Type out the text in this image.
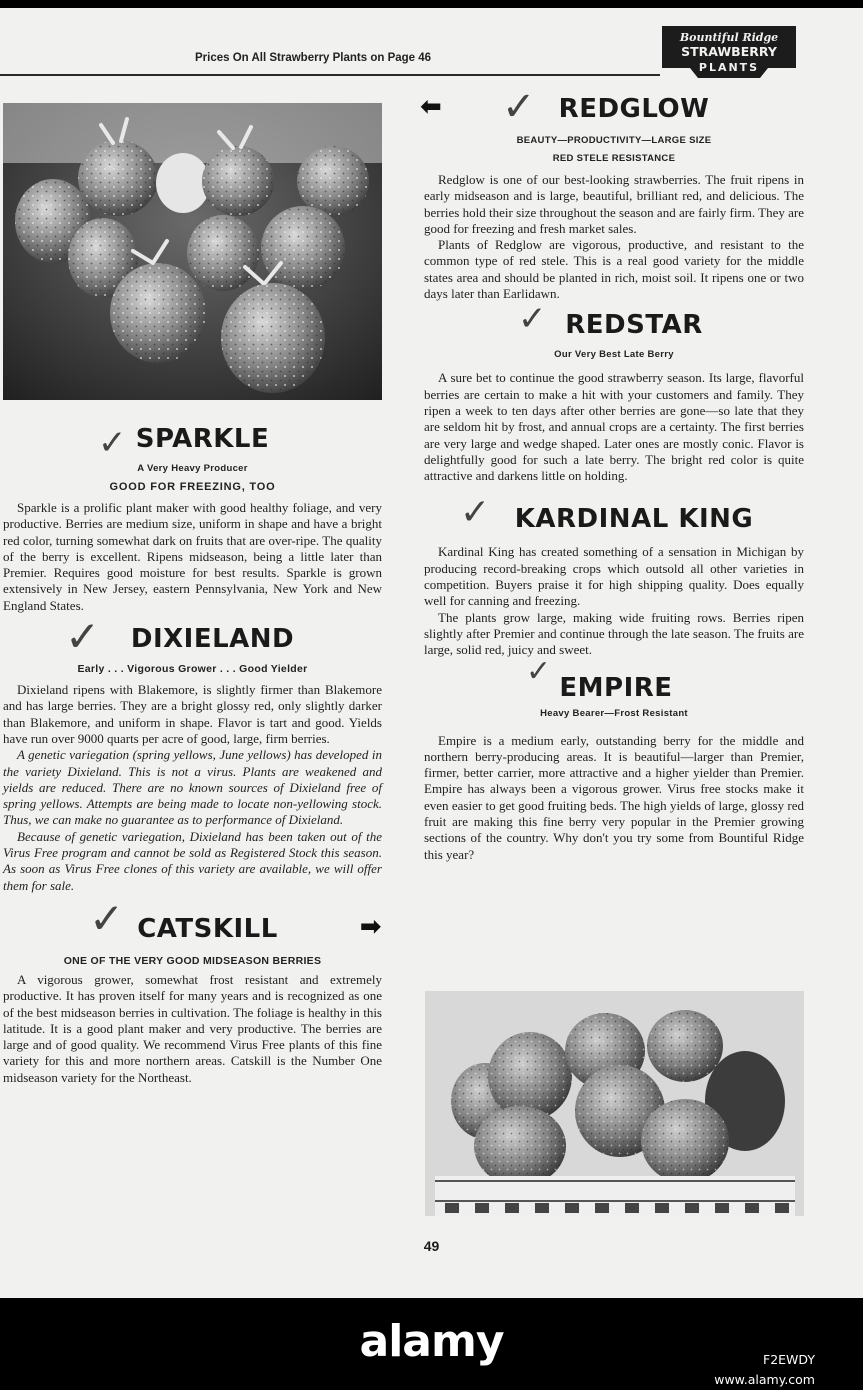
Prices On All Strawberry Plants on Page 46
Bountiful Ridge
STRAWBERRY
PLANTS
✓ SPARKLE
A Very Heavy Producer
GOOD FOR FREEZING, TOO

Sparkle is a prolific plant maker with good healthy foliage, and very productive. Berries are medium size, uniform in shape and have a bright red color, turning somewhat dark on fruits that are over-ripe. The quality of the berry is excellent. Ripens midseason, being a little later than Premier. Requires good moisture for best results. Sparkle is grown extensively in New Jersey, eastern Pennsylvania, New York and New England States.

✓ DIXIELAND
Early . . . Vigorous Grower . . . Good Yielder

Dixieland ripens with Blakemore, is slightly firmer than Blakemore and has large berries. They are a bright glossy red, only slightly darker than Blakemore, and uniform in shape. Flavor is tart and good. Yields have run over 9000 quarts per acre of good, large, firm berries.

A genetic variegation (spring yellows, June yellows) has developed in the variety Dixieland. This is not a virus. Plants are weakened and yields are reduced. There are no known sources of Dixieland free of spring yellows. Attempts are being made to locate non-yellowing stock. Thus, we can make no guarantee as to performance of Dixieland.

Because of genetic variegation, Dixieland has been taken out of the Virus Free program and cannot be sold as Registered Stock this season. As soon as Virus Free clones of this variety are available, we will offer them for sale.

✓ CATSKILL	➡
ONE OF THE VERY GOOD MIDSEASON BERRIES

A vigorous grower, somewhat frost resistant and extremely productive. It has proven itself for many years and is recognized as one of the best midseason berries in cultivation. The foliage is healthy in this latitude. It is a good plant maker and very productive. The berries are large and of good quality. We recommend Virus Free plants of this fine variety for this and more northern areas. Catskill is the Number One midseason variety for the Northeast.

⬅ ✓ REDGLOW
BEAUTY—PRODUCTIVITY—LARGE SIZE
RED STELE RESISTANCE

Redglow is one of our best-looking strawberries. The fruit ripens in early midseason and is large, beautiful, brilliant red, and delicious. The berries hold their size throughout the season and are fairly firm. They are good for freezing and fresh market sales.

Plants of Redglow are vigorous, productive, and resistant to the common type of red stele. This is a real good variety for the middle states area and should be planted in rich, moist soil. It ripens one or two days later than Earlidawn.

✓ REDSTAR
Our Very Best Late Berry

A sure bet to continue the good strawberry season. Its large, flavorful berries are certain to make a hit with your customers and family. They ripen a week to ten days after other berries are gone—so late that they are seldom hit by frost, and annual crops are a certainty. The first berries are very large and wedge shaped. Later ones are mostly conic. Flavor is delightfully good for such a late berry. The bright red color is quite attractive and darkens little on holding.

✓ KARDINAL KING

Kardinal King has created something of a sensation in Michigan by producing record-breaking crops which outsold all other varieties in competition. Buyers praise it for high shipping quality. Does equally well for canning and freezing.

The plants grow large, making wide fruiting rows. Berries ripen slightly after Premier and continue through the late season. The fruits are large, solid red, juicy and sweet.

✓ EMPIRE
Heavy Bearer—Frost Resistant

Empire is a medium early, outstanding berry for the middle and northern berry-producing areas. It is beautiful—larger than Premier, firmer, better carrier, more attractive and a higher yielder than Premier. Empire has always been a vigorous grower. Virus free stocks make it even easier to get good fruiting beds. The high yields of large, glossy red fruit are making this fine berry very popular in the Premier growing sections of the country. Why don't you try some from Bountiful Ridge this year?

49
alamy	F2EWDY
www.alamy.com
